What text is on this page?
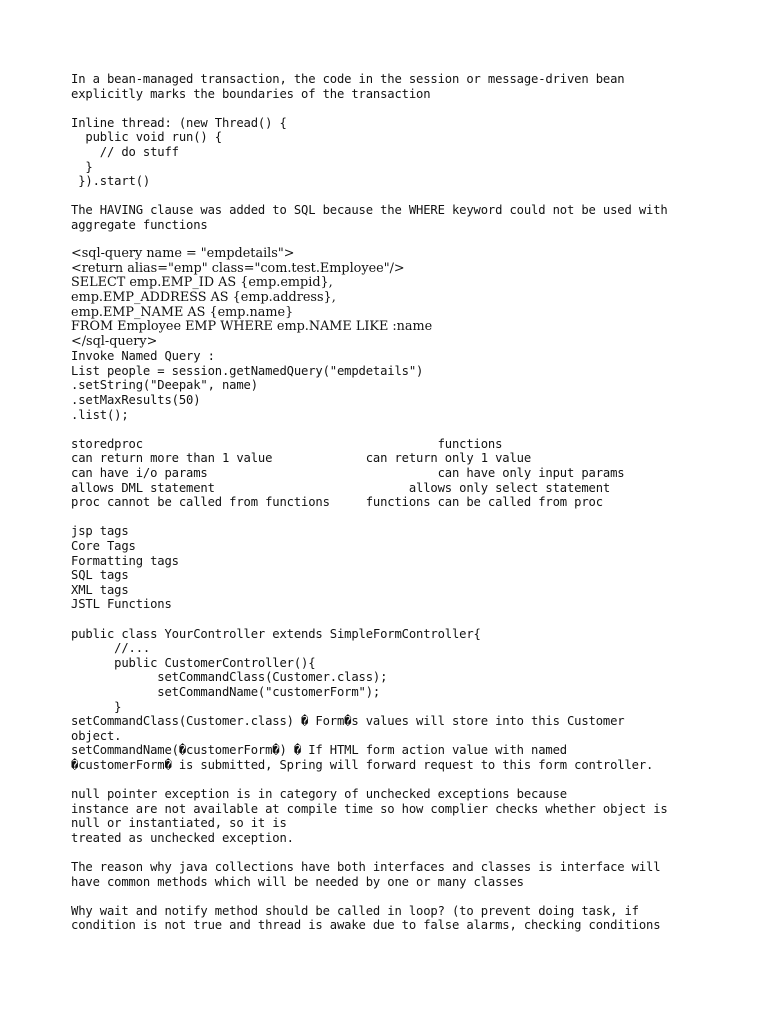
In a bean-managed transaction, the code in the session or message-driven bean
explicitly marks the boundaries of the transaction
Inline thread: (new Thread() {
public void run() {
// do stuff
}
}).start()
The HAVING clause was added to SQL because the WHERE keyword could not be used with
aggregate functions
<sql-query name = "empdetails">
<return alias="emp" class="com.test.Employee"/>
SELECT emp.EMP_ID AS {emp.empid},
emp.EMP_ADDRESS AS {emp.address},
emp.EMP_NAME AS {emp.name}
FROM Employee EMP WHERE emp.NAME LIKE :name
</sql-query>
Invoke Named Query :
List people = session.getNamedQuery("empdetails")
.setString("Deepak", name)
.setMaxResults(50)
.list();
storedproc                                         functions
can return more than 1 value             can return only 1 value
can have i/o params                                can have only input params
allows DML statement                           allows only select statement
proc cannot be called from functions     functions can be called from proc
jsp tags
Core Tags
Formatting tags
SQL tags
XML tags
JSTL Functions
public class YourController extends SimpleFormController{
//...
public CustomerController(){
setCommandClass(Customer.class);
setCommandName("customerForm");
}
setCommandClass(Customer.class) � Form�s values will store into this Customer
object.
setCommandName(�customerForm�) � If HTML form action value with named
�customerForm� is submitted, Spring will forward request to this form controller.
null pointer exception is in category of unchecked exceptions because
instance are not available at compile time so how complier checks whether object is
null or instantiated, so it is
treated as unchecked exception.
The reason why java collections have both interfaces and classes is interface will
have common methods which will be needed by one or many classes
Why wait and notify method should be called in loop? (to prevent doing task, if
condition is not true and thread is awake due to false alarms, checking conditions
